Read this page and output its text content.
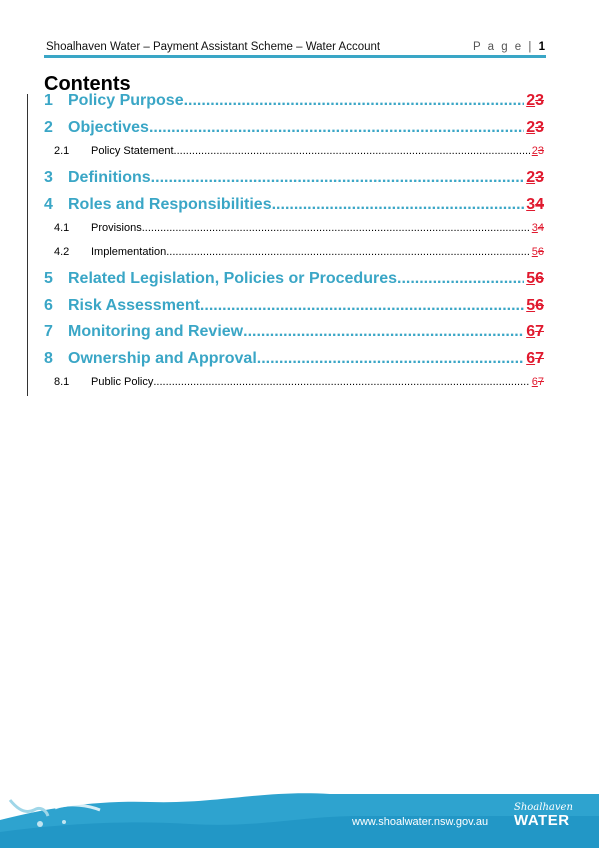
Shoalhaven Water – Payment Assistant Scheme – Water Account	P a g e | 1
Contents
1 Policy Purpose .....	23
2 Objectives .....	23
2.1	Policy Statement .....	23
3 Definitions .....	23
4 Roles and Responsibilities .....	34
4.1	Provisions .....	34
4.2	Implementation .....	56
5 Related Legislation, Policies or Procedures .....	56
6 Risk Assessment .....	56
7 Monitoring and Review .....	67
8 Ownership and Approval .....	67
8.1	Public Policy .....	67
www.shoalwater.nsw.gov.au
Shoalhaven
WATER
